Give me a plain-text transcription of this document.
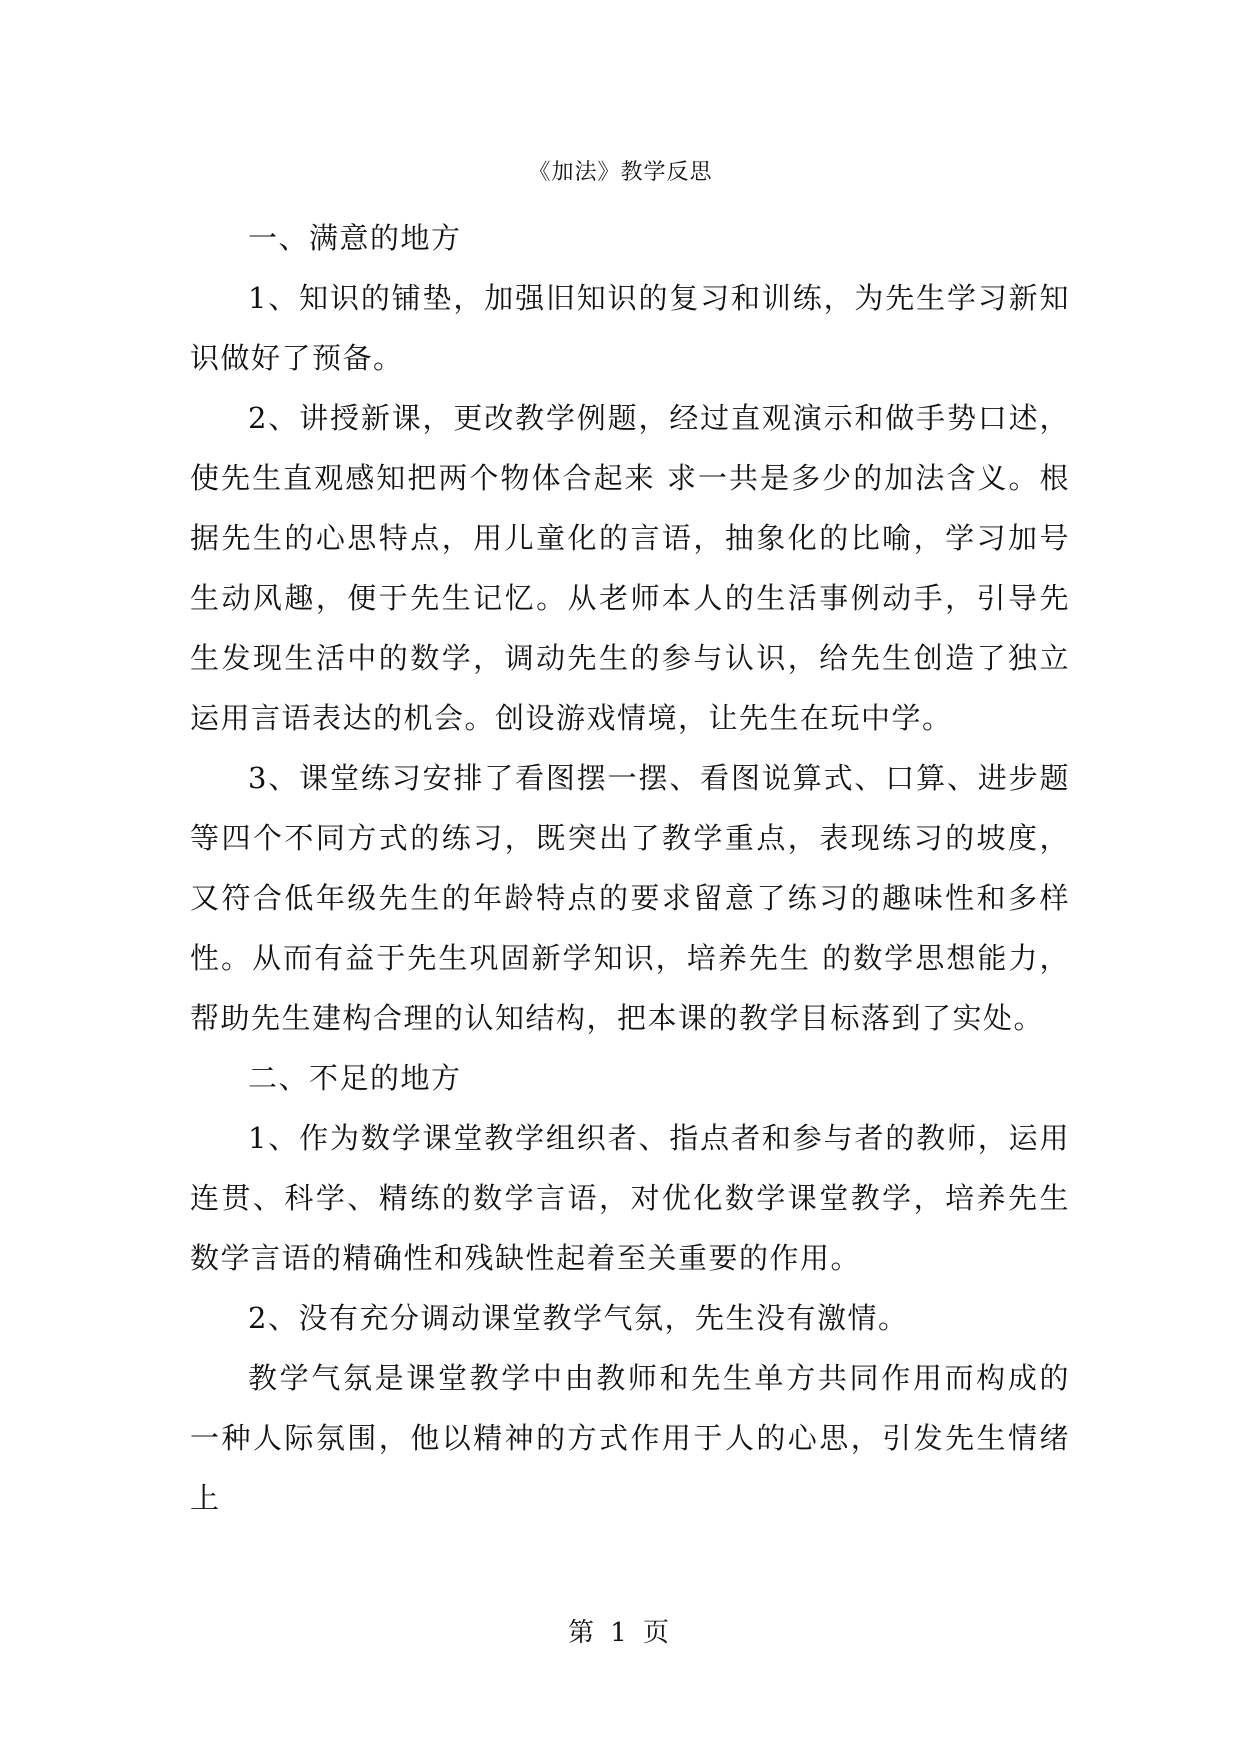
《加法》教学反思

一、满意的地方

1、知识的铺垫，加强旧知识的复习和训练，为先生学习新知识做好了预备。

2、讲授新课，更改教学例题，经过直观演示和做手势口述，使先生直观感知把两个物体合起来 求一共是多少的加法含义。根据先生的心思特点，用儿童化的言语，抽象化的比喻，学习加号生动风趣，便于先生记忆。从老师本人的生活事例动手，引导先生发现生活中的数学，调动先生的参与认识，给先生创造了独立运用言语表达的机会。创设游戏情境，让先生在玩中学。

3、课堂练习安排了看图摆一摆、看图说算式、口算、进步题等四个不同方式的练习，既突出了教学重点，表现练习的坡度，又符合低年级先生的年龄特点的要求留意了练习的趣味性和多样性。从而有益于先生巩固新学知识，培养先生 的数学思想能力，帮助先生建构合理的认知结构，把本课的教学目标落到了实处。

二、不足的地方

1、作为数学课堂教学组织者、指点者和参与者的教师，运用连贯、科学、精练的数学言语，对优化数学课堂教学，培养先生数学言语的精确性和残缺性起着至关重要的作用。

2、没有充分调动课堂教学气氛，先生没有激情。

教学气氛是课堂教学中由教师和先生单方共同作用而构成的一种人际氛围，他以精神的方式作用于人的心思，引发先生情绪上

第 1 页
